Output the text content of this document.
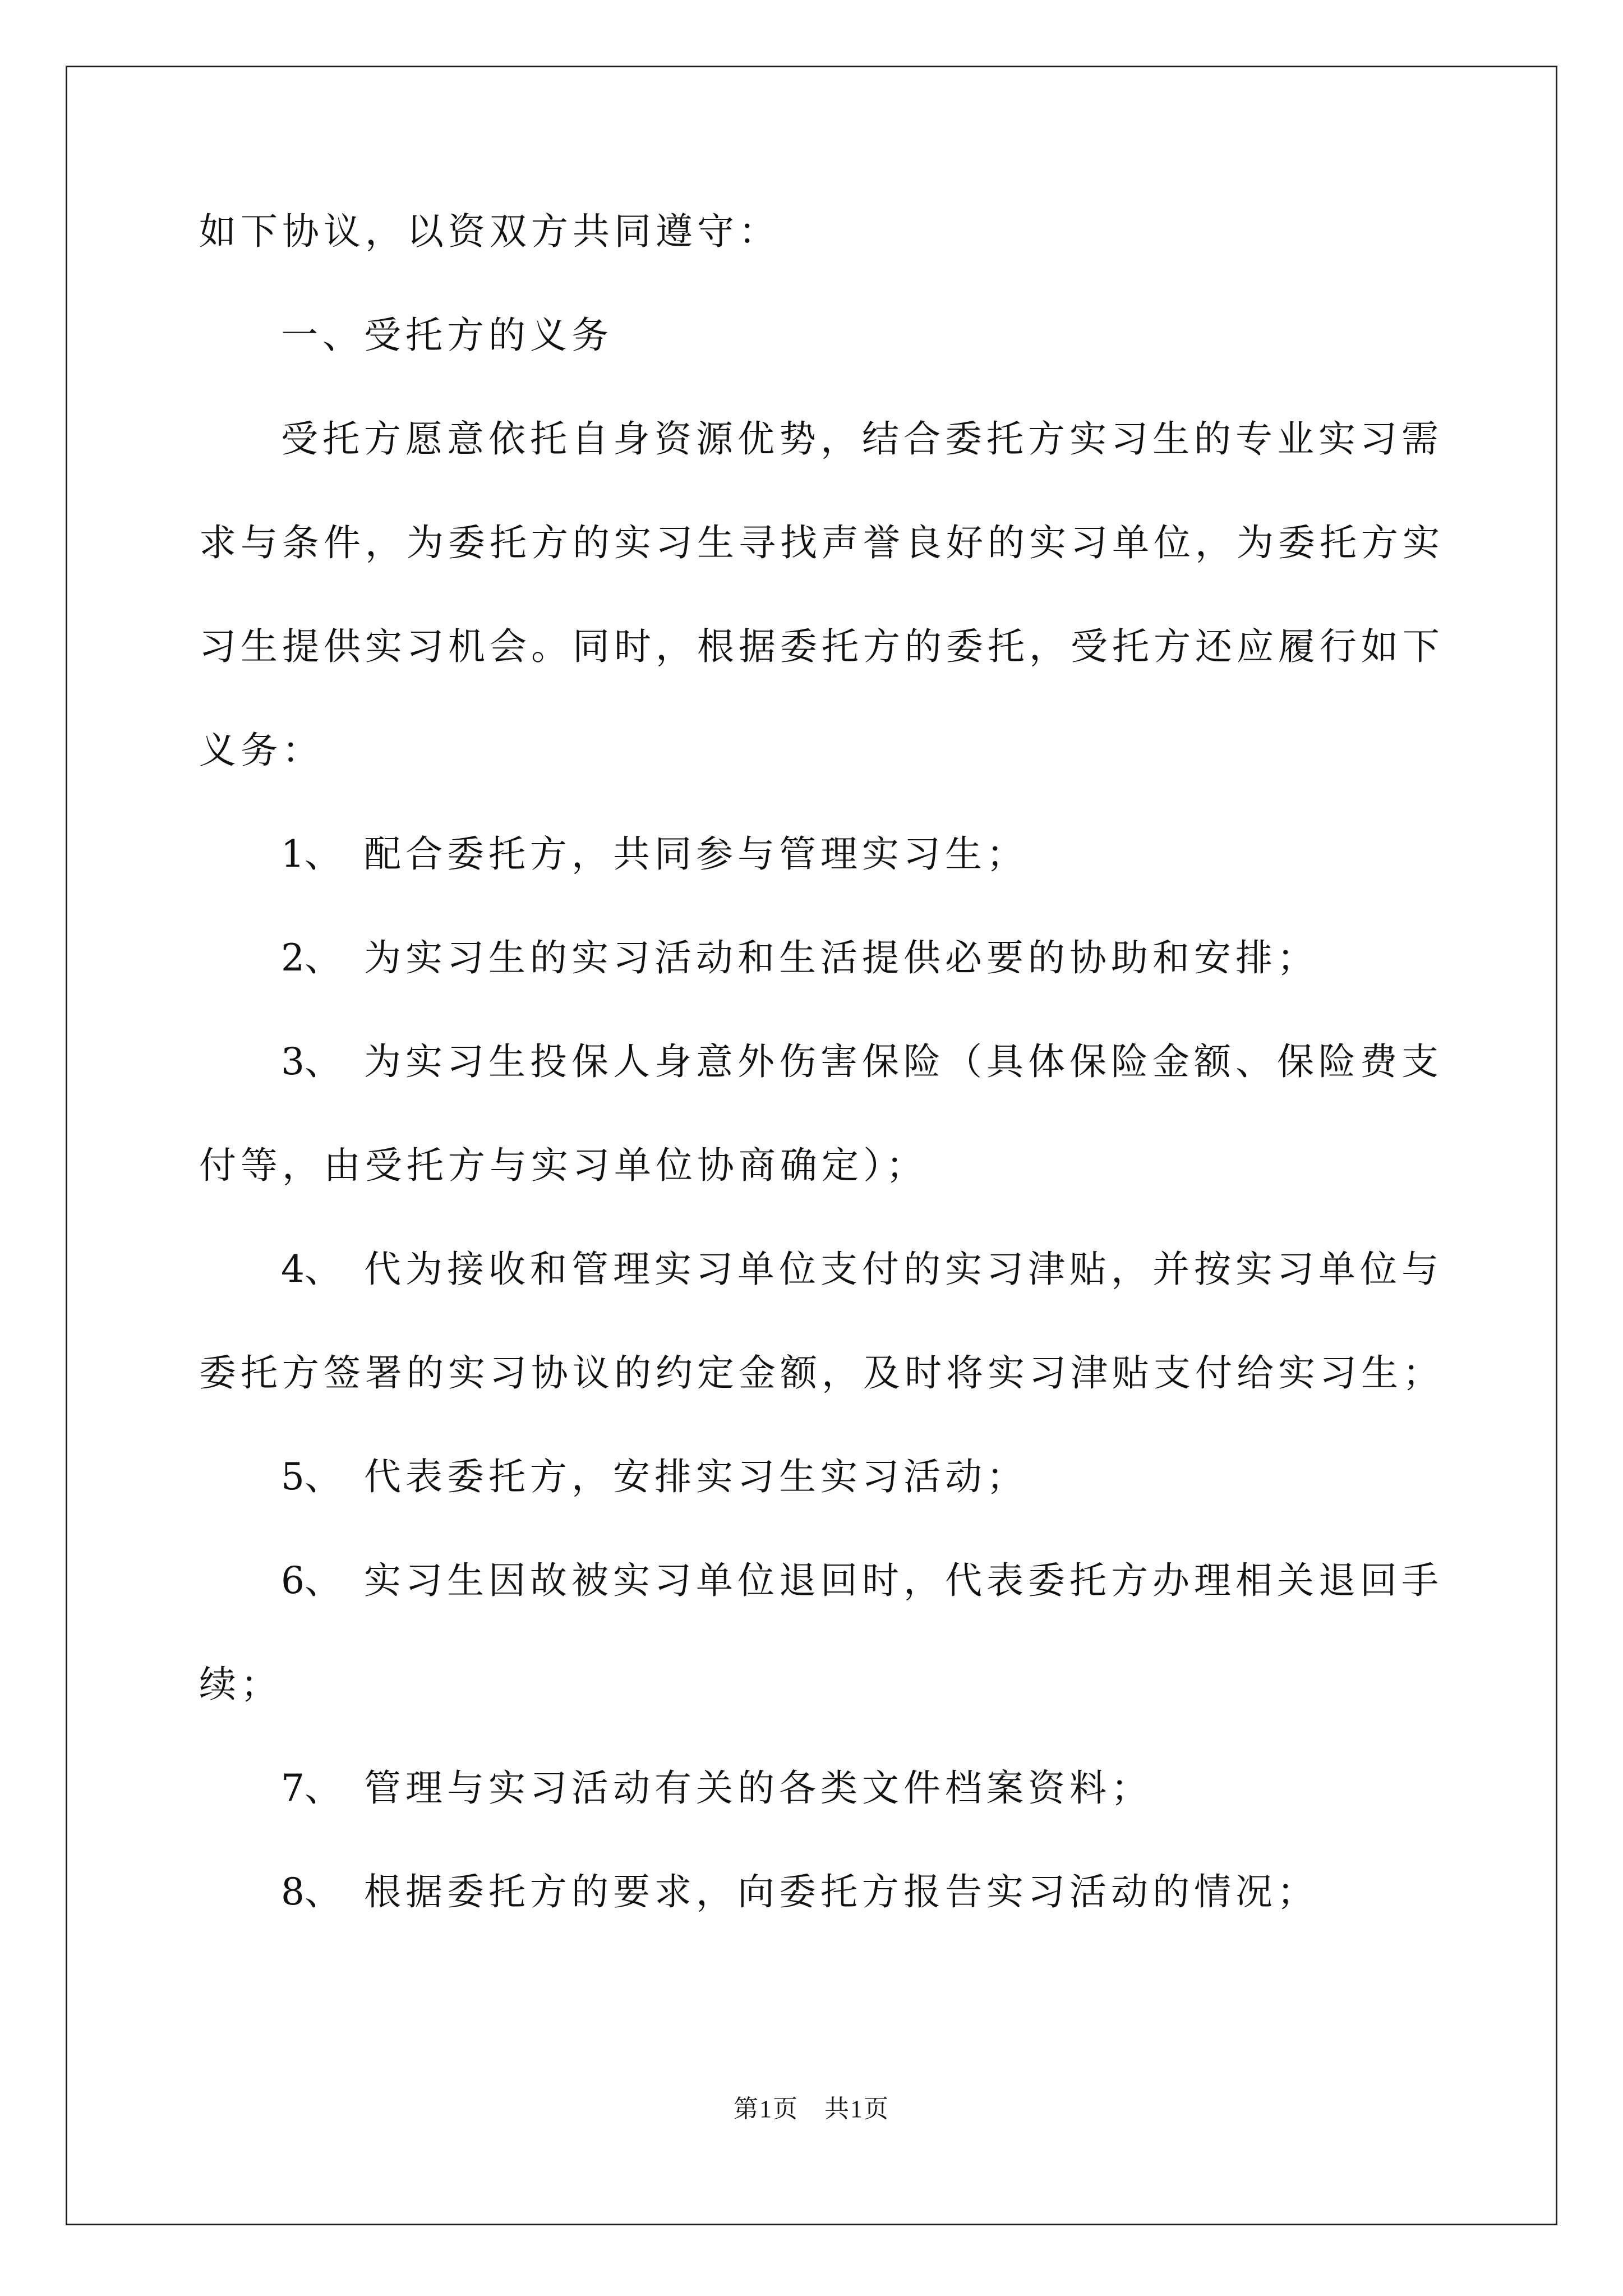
如下协议，以资双方共同遵守：
一、受托方的义务
受托方愿意依托自身资源优势，结合委托方实习生的专业实习需
求与条件，为委托方的实习生寻找声誉良好的实习单位，为委托方实
习生提供实习机会。同时，根据委托方的委托，受托方还应履行如下
义务：
1、 配合委托方，共同参与管理实习生；
2、 为实习生的实习活动和生活提供必要的协助和安排；
3、 为实习生投保人身意外伤害保险（具体保险金额、保险费支
付等，由受托方与实习单位协商确定）；
4、 代为接收和管理实习单位支付的实习津贴，并按实习单位与
委托方签署的实习协议的约定金额，及时将实习津贴支付给实习生；
5、 代表委托方，安排实习生实习活动；
6、 实习生因故被实习单位退回时，代表委托方办理相关退回手
续；
7、 管理与实习活动有关的各类文件档案资料；
8、 根据委托方的要求，向委托方报告实习活动的情况；
第1页　共1页
